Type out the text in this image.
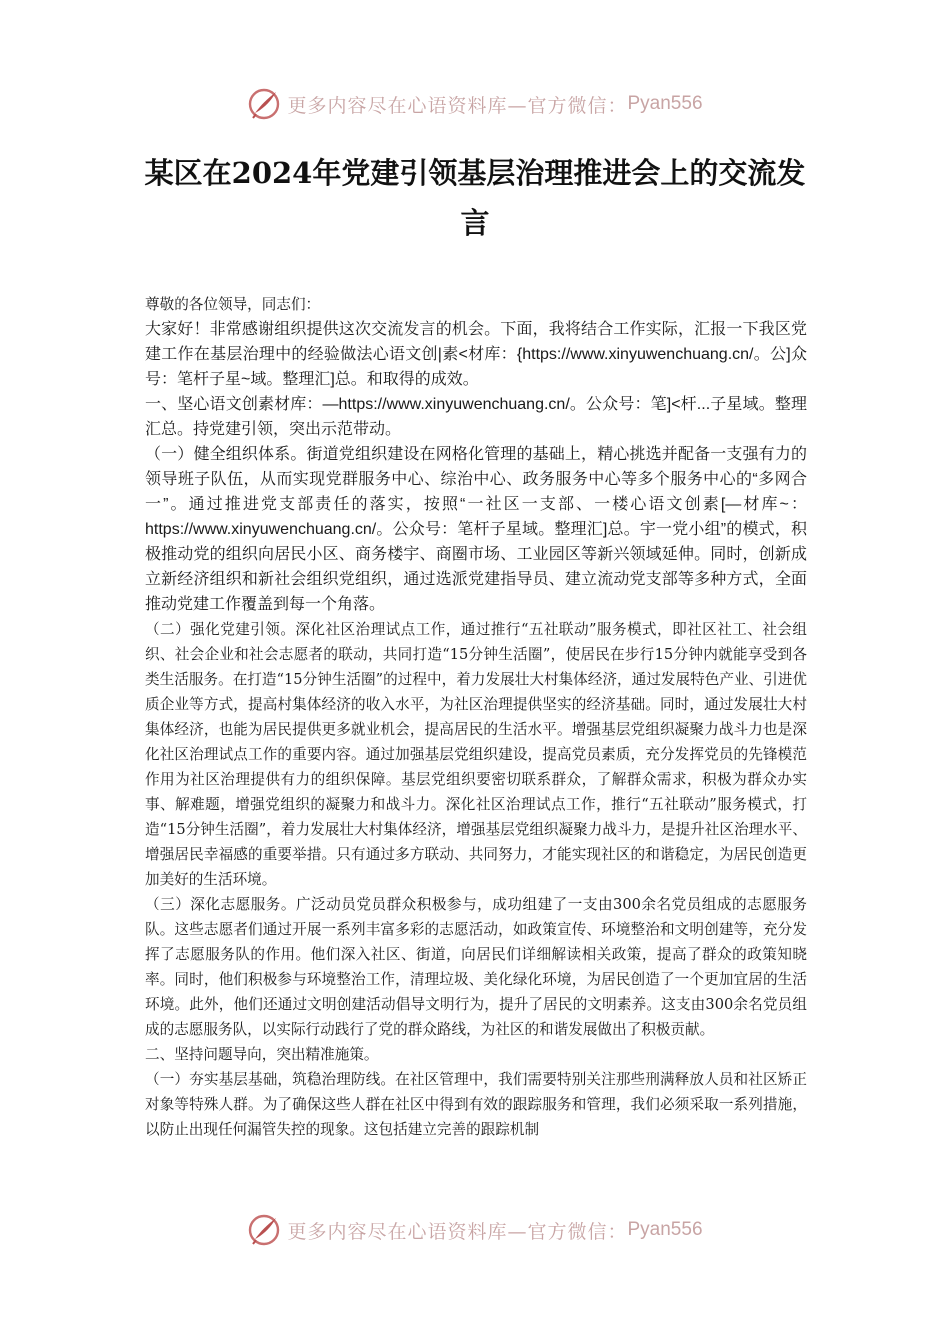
更多内容尽在心语资料库—官方微信： Pyan556
某区在2024年党建引领基层治理推进会上的交流发言

尊敬的各位领导，同志们：

大家好！非常感谢组织提供这次交流发言的机会。下面，我将结合工作实际，汇报一下我区党建工作在基层治理中的经验做法心语文创|素<材库：{https://www.xinyuwenchuang.cn/。公]众号：笔杆子星~域。整理汇]总。和取得的成效。

一、坚心语文创素材库：—https://www.xinyuwenchuang.cn/。公众号：笔]<杆...子星域。整理汇总。持党建引领，突出示范带动。

（一）健全组织体系。街道党组织建设在网格化管理的基础上，精心挑选并配备一支强有力的领导班子队伍，从而实现党群服务中心、综治中心、政务服务中心等多个服务中心的“多网合一”。通过推进党支部责任的落实，按照“一社区一支部、一楼心语文创素[—材库~：https://www.xinyuwenchuang.cn/。公众号：笔杆子星域。整理汇]总。宇一党小组”的模式，积极推动党的组织向居民小区、商务楼宇、商圈市场、工业园区等新兴领域延伸。同时，创新成立新经济组织和新社会组织党组织，通过选派党建指导员、建立流动党支部等多种方式，全面推动党建工作覆盖到每一个角落。

（二）强化党建引领。深化社区治理试点工作，通过推行“五社联动”服务模式，即社区社工、社会组织、社会企业和社会志愿者的联动，共同打造“15分钟生活圈”，使居民在步行15分钟内就能享受到各类生活服务。在打造“15分钟生活圈”的过程中，着力发展壮大村集体经济，通过发展特色产业、引进优质企业等方式，提高村集体经济的收入水平，为社区治理提供坚实的经济基础。同时，通过发展壮大村集体经济，也能为居民提供更多就业机会，提高居民的生活水平。增强基层党组织凝聚力战斗力也是深化社区治理试点工作的重要内容。通过加强基层党组织建设，提高党员素质，充分发挥党员的先锋模范作用为社区治理提供有力的组织保障。基层党组织要密切联系群众，了解群众需求，积极为群众办实事、解难题，增强党组织的凝聚力和战斗力。深化社区治理试点工作，推行“五社联动”服务模式，打造“15分钟生活圈”，着力发展壮大村集体经济，增强基层党组织凝聚力战斗力，是提升社区治理水平、增强居民幸福感的重要举措。只有通过多方联动、共同努力，才能实现社区的和谐稳定，为居民创造更加美好的生活环境。

（三）深化志愿服务。广泛动员党员群众积极参与，成功组建了一支由300余名党员组成的志愿服务队。这些志愿者们通过开展一系列丰富多彩的志愿活动，如政策宣传、环境整治和文明创建等，充分发挥了志愿服务队的作用。他们深入社区、街道，向居民们详细解读相关政策，提高了群众的政策知晓率。同时，他们积极参与环境整治工作，清理垃圾、美化绿化环境，为居民创造了一个更加宜居的生活环境。此外，他们还通过文明创建活动倡导文明行为，提升了居民的文明素养。这支由300余名党员组成的志愿服务队，以实际行动践行了党的群众路线，为社区的和谐发展做出了积极贡献。

二、坚持问题导向，突出精准施策。

（一）夯实基层基础，筑稳治理防线。在社区管理中，我们需要特别关注那些刑满释放人员和社区矫正对象等特殊人群。为了确保这些人群在社区中得到有效的跟踪服务和管理，我们必须采取一系列措施，以防止出现任何漏管失控的现象。这包括建立完善的跟踪机制

更多内容尽在心语资料库—官方微信： Pyan556
